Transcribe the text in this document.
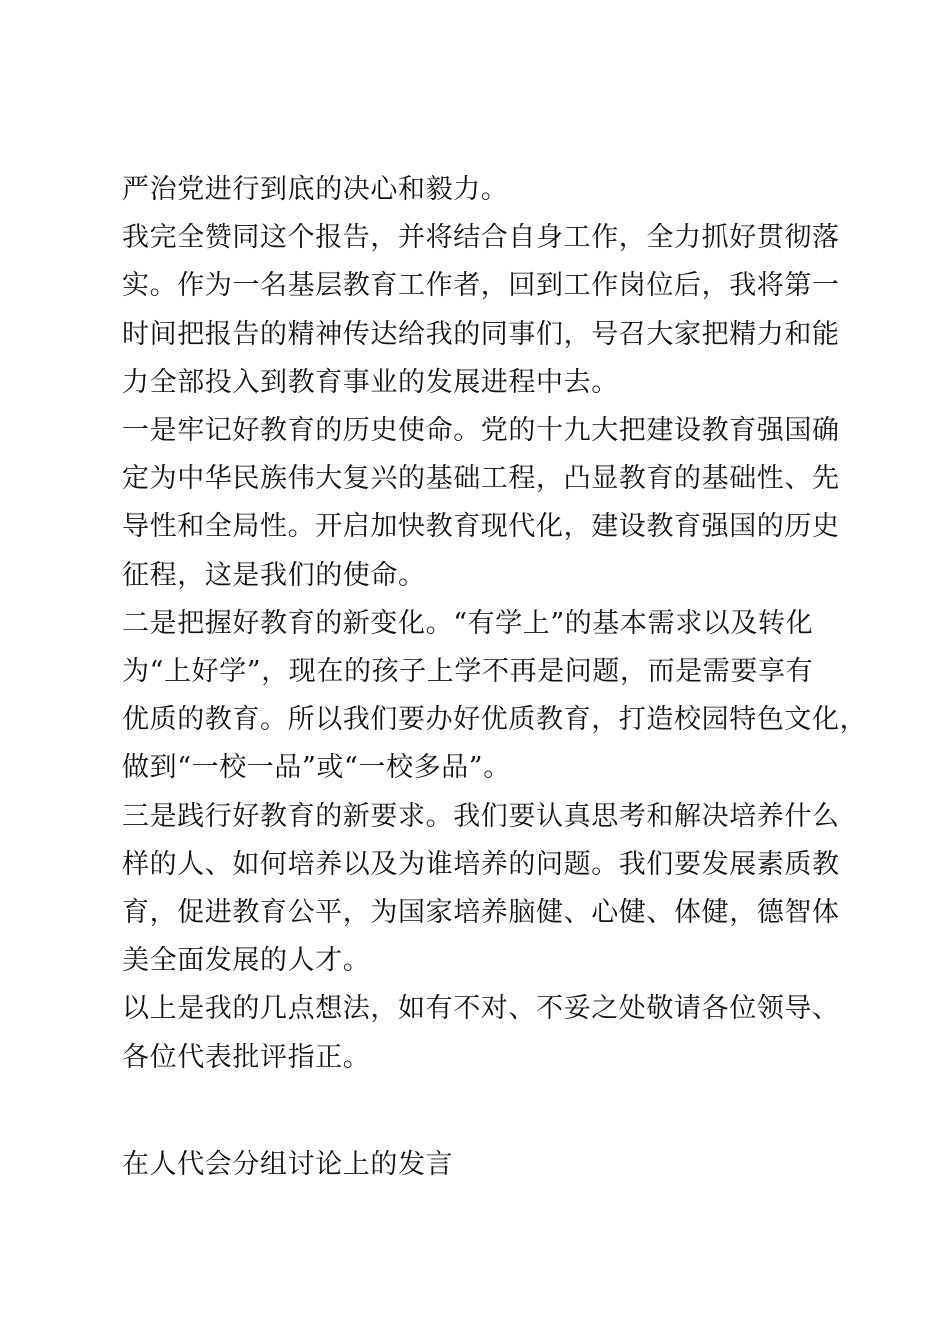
严治党进行到底的决心和毅力。
我完全赞同这个报告，并将结合自身工作，全力抓好贯彻落
实。作为一名基层教育工作者，回到工作岗位后，我将第一
时间把报告的精神传达给我的同事们，号召大家把精力和能
力全部投入到教育事业的发展进程中去。
一是牢记好教育的历史使命。党的十九大把建设教育强国确
定为中华民族伟大复兴的基础工程，凸显教育的基础性、先
导性和全局性。开启加快教育现代化，建设教育强国的历史
征程，这是我们的使命。
二是把握好教育的新变化。“有学上”的基本需求以及转化
为“上好学”，现在的孩子上学不再是问题，而是需要享有
优质的教育。所以我们要办好优质教育，打造校园特色文化，
做到“一校一品”或“一校多品”。
三是践行好教育的新要求。我们要认真思考和解决培养什么
样的人、如何培养以及为谁培养的问题。我们要发展素质教
育，促进教育公平，为国家培养脑健、心健、体健，德智体
美全面发展的人才。
以上是我的几点想法，如有不对、不妥之处敬请各位领导、
各位代表批评指正。
在人代会分组讨论上的发言
